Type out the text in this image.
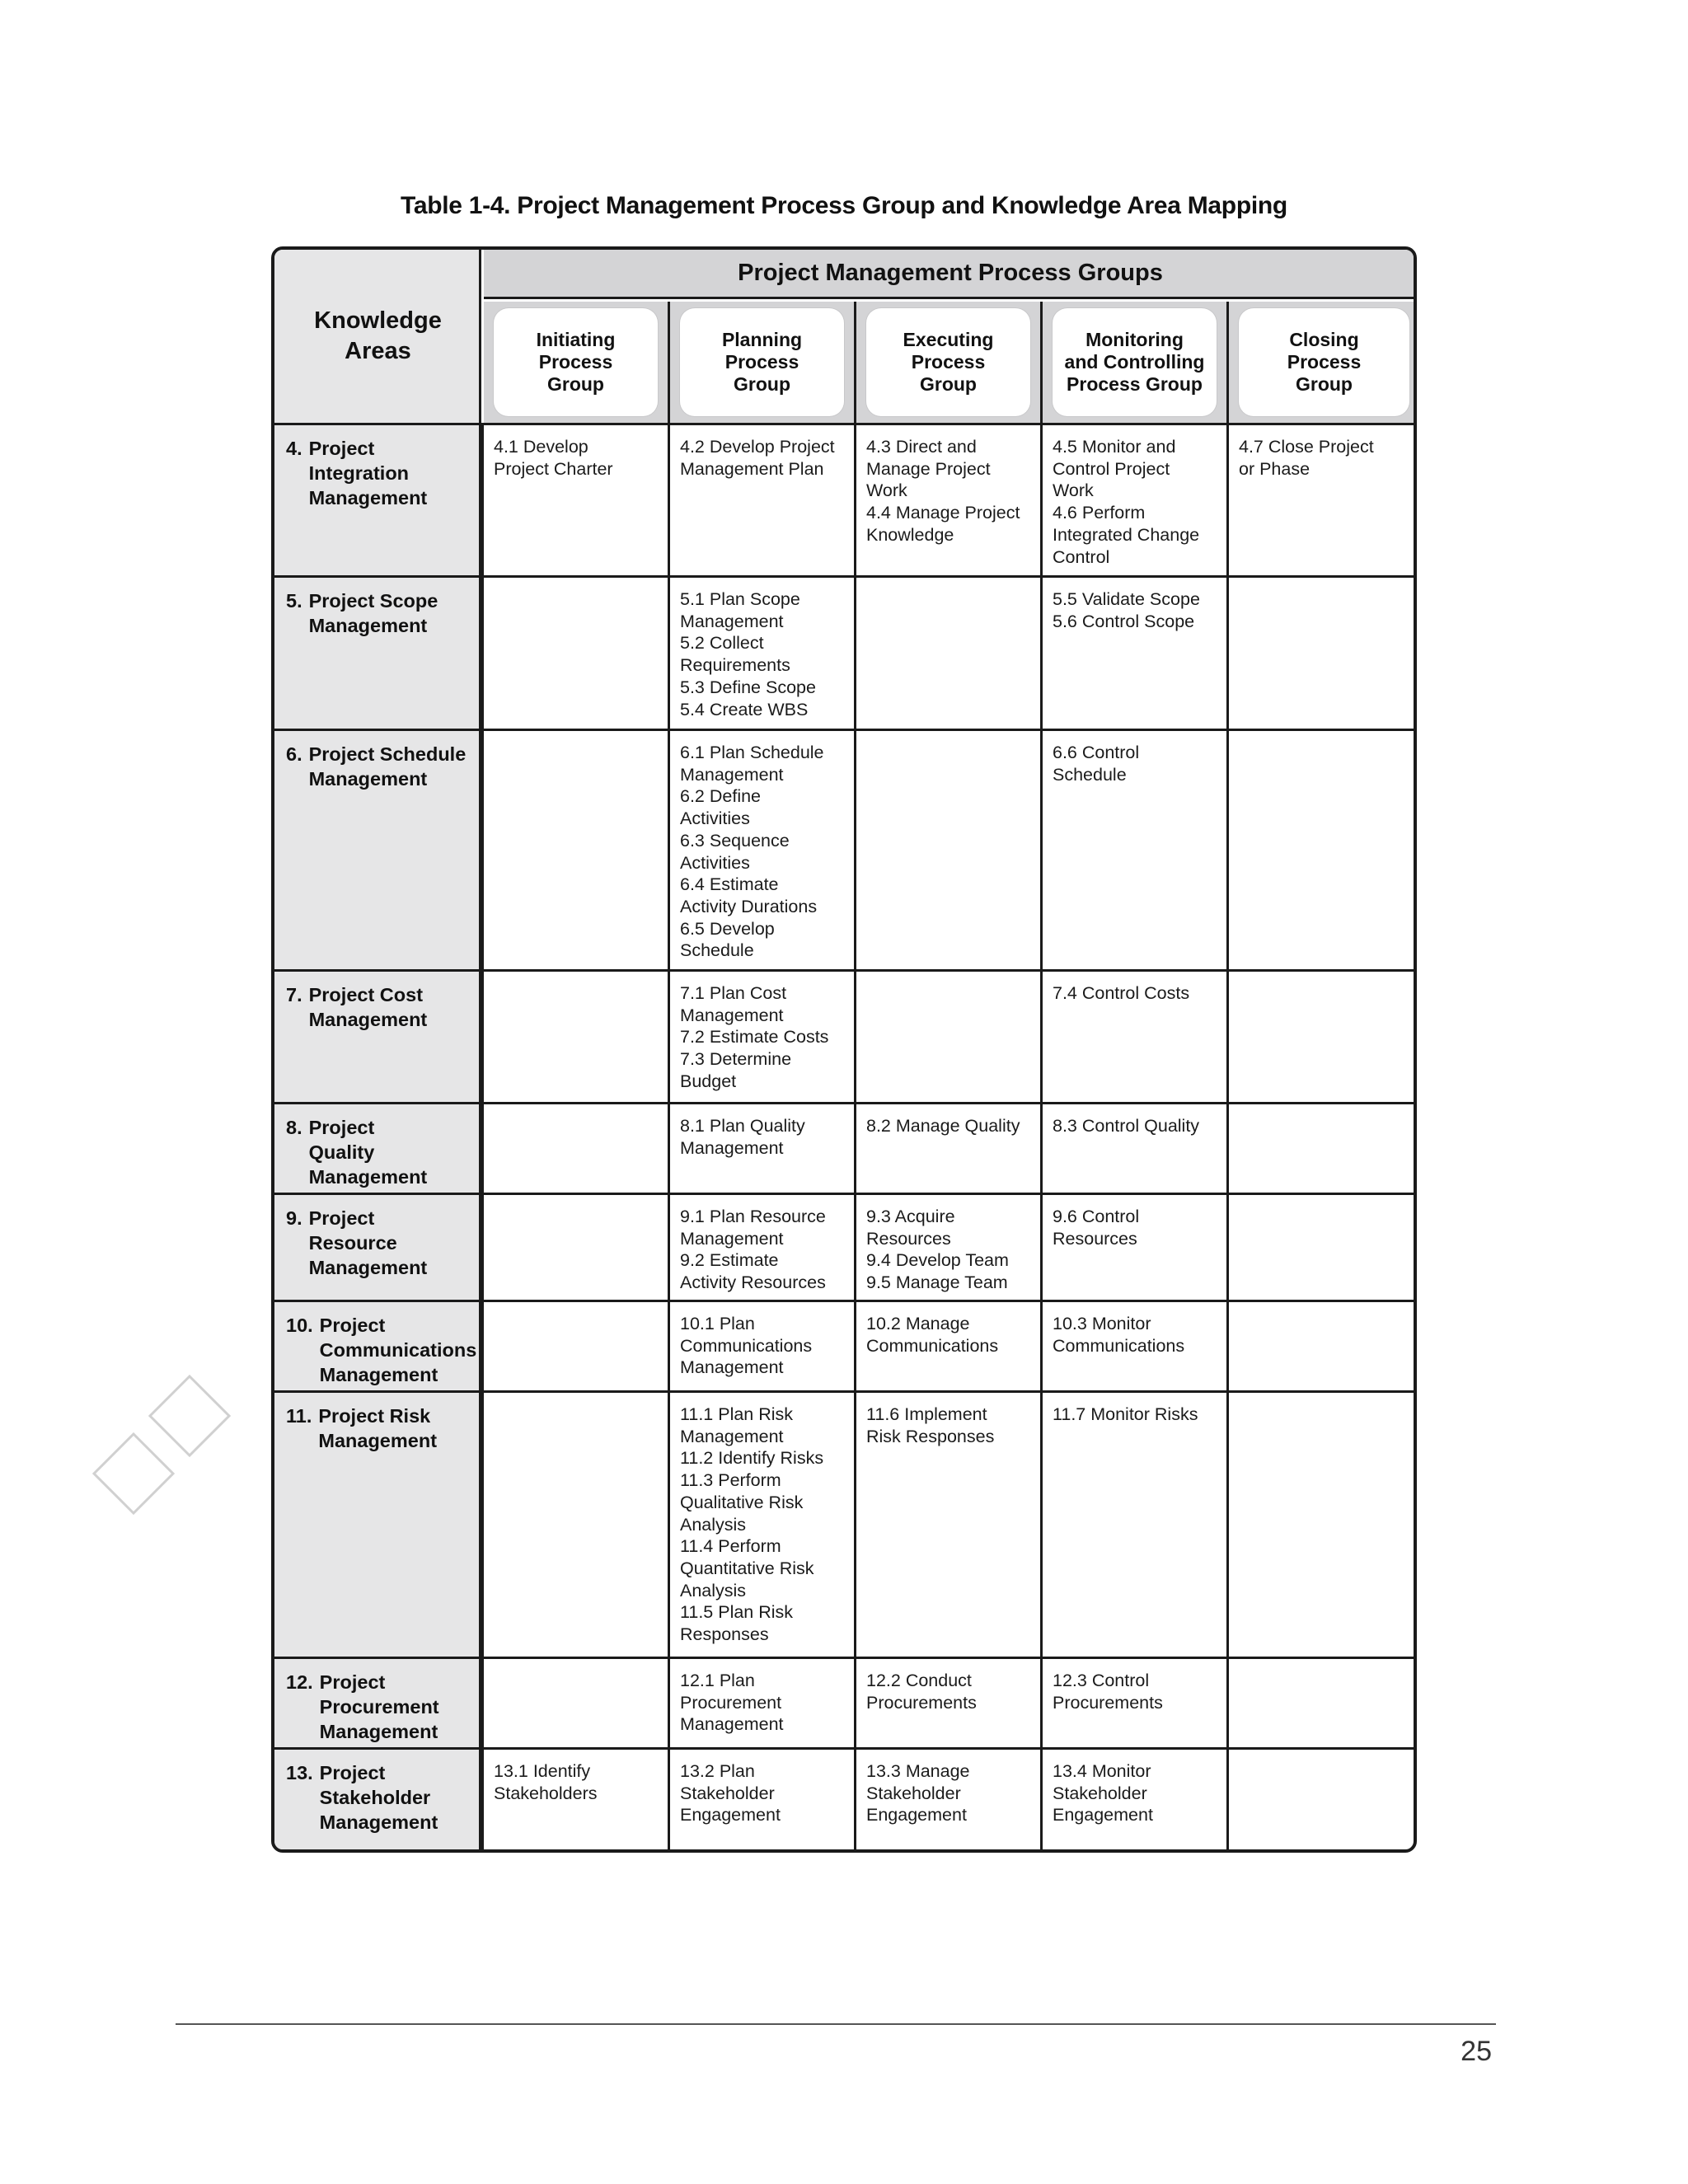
Table 1-4. Project Management Process Group and Knowledge Area Mapping
Knowledge
Areas
Project Management Process Groups
Initiating
Process
Group
Planning
Process
Group
Executing
Process
Group
Monitoring
and Controlling
Process Group
Closing
Process
Group
4. Project
Integration
Management
4.1 Develop
Project Charter
4.2 Develop Project
Management Plan
4.3 Direct and
Manage Project
Work
4.4 Manage Project
Knowledge
4.5 Monitor and
Control Project
Work
4.6 Perform
Integrated Change
Control
4.7 Close Project
or Phase
5. Project Scope
Management
5.1 Plan Scope
Management
5.2 Collect
Requirements
5.3 Define Scope
5.4 Create WBS
5.5 Validate Scope
5.6 Control Scope
6. Project Schedule
Management
6.1 Plan Schedule
Management
6.2 Define
Activities
6.3 Sequence
Activities
6.4 Estimate
Activity Durations
6.5 Develop
Schedule
6.6 Control
Schedule
7. Project Cost
Management
7.1 Plan Cost
Management
7.2 Estimate Costs
7.3 Determine
Budget
7.4 Control Costs
8. Project
Quality
Management
8.1 Plan Quality
Management
8.2 Manage Quality	8.3 Control Quality
9. Project
Resource
Management
9.1 Plan Resource
Management
9.2 Estimate
Activity Resources
9.3 Acquire
Resources
9.4 Develop Team
9.5 Manage Team
9.6 Control
Resources
10. Project
Communications
Management
10.1 Plan
Communications
Management
10.2 Manage
Communications
10.3 Monitor
Communications
11. Project Risk
Management
11.1 Plan Risk
Management
11.2 Identify Risks
11.3 Perform
Qualitative Risk
Analysis
11.4 Perform
Quantitative Risk
Analysis
11.5 Plan Risk
Responses
11.6 Implement
Risk Responses
11.7 Monitor Risks
12. Project
Procurement
Management
12.1 Plan
Procurement
Management
12.2 Conduct
Procurements
12.3 Control
Procurements
13. Project
Stakeholder
Management
13.1 Identify
Stakeholders
13.2 Plan
Stakeholder
Engagement
13.3 Manage
Stakeholder
Engagement
13.4 Monitor
Stakeholder
Engagement
25
